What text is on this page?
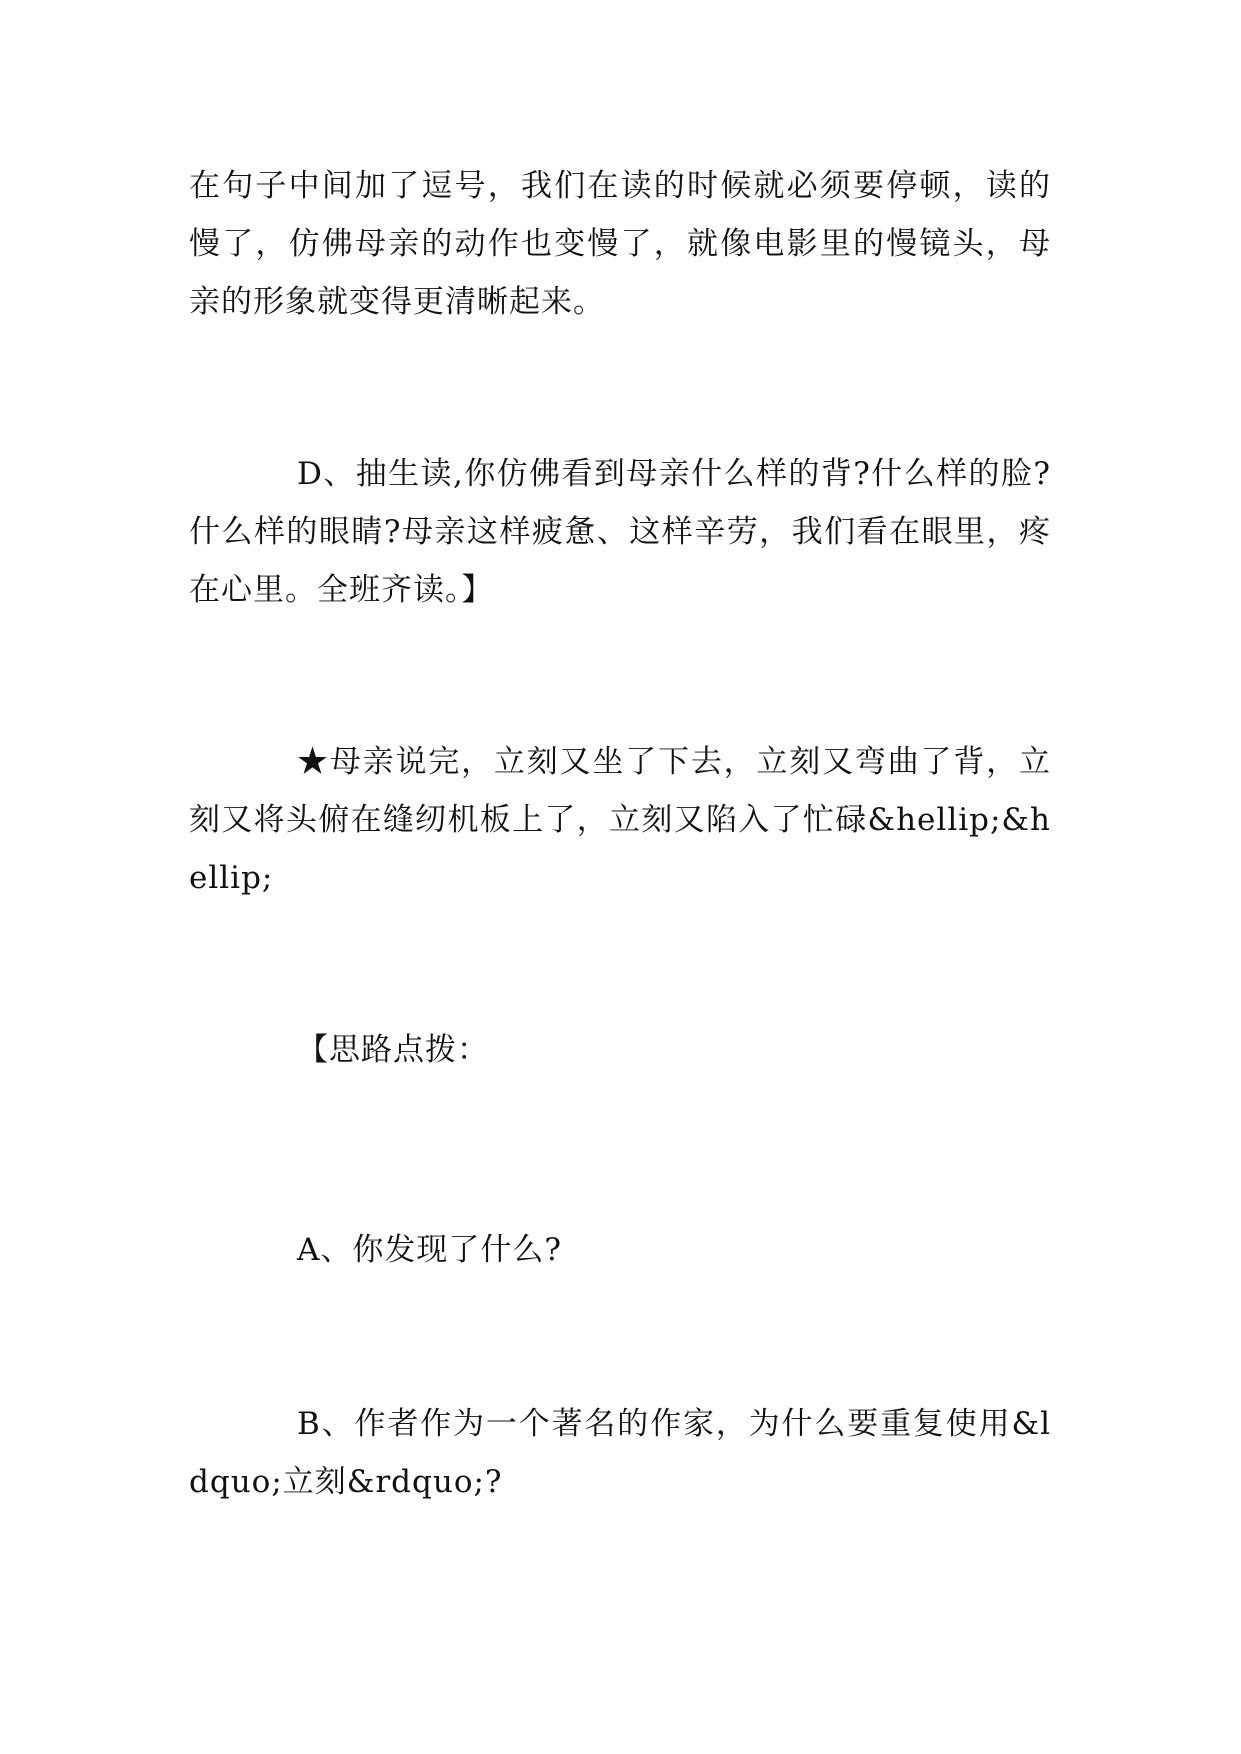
在句子中间加了逗号，我们在读的时候就必须要停顿，读的慢了，仿佛母亲的动作也变慢了，就像电影里的慢镜头，母亲的形象就变得更清晰起来。

D、抽生读,你仿佛看到母亲什么样的背?什么样的脸?什么样的眼睛?母亲这样疲惫、这样辛劳，我们看在眼里，疼在心里。全班齐读。】

★母亲说完，立刻又坐了下去，立刻又弯曲了背，立刻又将头俯在缝纫机板上了，立刻又陷入了忙碌&hellip;&hellip;

【思路点拨：

A、你发现了什么?

B、作者作为一个著名的作家，为什么要重复使用&ldquo;立刻&rdquo;?
